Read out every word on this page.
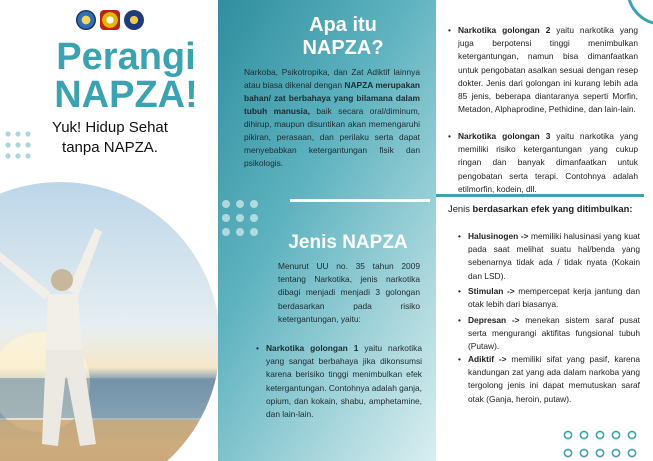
Perangi
NAPZA!
Yuk! Hidup Sehat
tanpa NAPZA.
Apa itu
NAPZA?
Narkoba, Psikotropika, dan Zat Adiktif lainnya atau biasa dikenal dengan NAPZA merupakan bahan/ zat berbahaya yang bilamana dalam tubuh manusia, baik secara oral/diminum, dihirup, maupun disuntikan akan memengaruhi pikiran, perasaan, dan perilaku serta dapat menyebabkan ketergantungan fisik dan psikologis.
Jenis NAPZA
Menurut UU no. 35 tahun 2009 tentang Narkotika, jenis narkotika dibagi menjadi menjadi 3 golongan berdasarkan pada risiko ketergantungan, yaitu:
• Narkotika golongan 1 yaitu narkotika yang sangat berbahaya jika dikonsumsi karena berisiko tinggi menimbulkan efek ketergantungan. Contohnya adalah ganja, opium, dan kokain, shabu, amphetamine, dan lain-lain.
• Narkotika golongan 2 yaitu narkotika yang juga berpotensi tinggi menimbulkan ketergantungan, namun bisa dimanfaatkan untuk pengobatan asalkan sesuai dengan resep dokter. Jenis dari golongan ini kurang lebih ada 85 jenis, beberapa diantaranya seperti Morfin, Metadon, Alphaprodine, Pethidine, dan lain-lain.
• Narkotika golongan 3 yaitu narkotika yang memiliki risiko ketergantungan yang cukup ringan dan banyak dimanfaatkan untuk pengobatan serta terapi. Contohnya adalah etilmorfin, kodein, dll.
Jenis berdasarkan efek yang ditimbulkan:
• Halusinogen -> memiliki halusinasi yang kuat pada saat melihat suatu hal/benda yang sebenarnya tidak ada / tidak nyata (Kokain dan LSD).
• Stimulan -> mempercepat kerja jantung dan otak lebih dari biasanya.
• Depresan -> menekan sistem saraf pusat serta mengurangi aktifitas fungsional tubuh (Putaw).
• Adiktif -> memiliki sifat yang pasif, karena kandungan zat yang ada dalam narkoba yang tergolong jenis ini dapat memutuskan saraf otak (Ganja, heroin, putaw).
